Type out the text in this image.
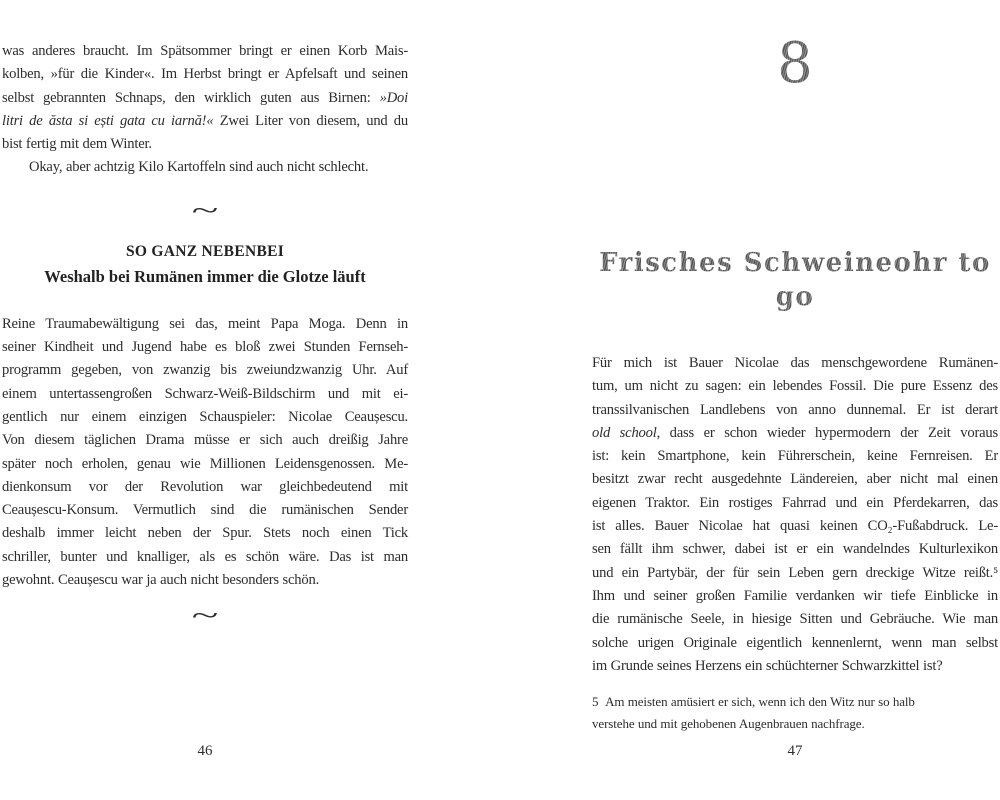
was anderes braucht. Im Spätsommer bringt er einen Korb Mais-
kolben, »für die Kinder«. Im Herbst bringt er Apfelsaft und seinen
selbst gebrannten Schnaps, den wirklich guten aus Birnen: »Doi
litri de ăsta si ești gata cu iarnă!« Zwei Liter von diesem, und du
bist fertig mit dem Winter.
Okay, aber achtzig Kilo Kartoffeln sind auch nicht schlecht.
~
SO GANZ NEBENBEI
Weshalb bei Rumänen immer die Glotze läuft
Reine Traumabewältigung sei das, meint Papa Moga. Denn in
seiner Kindheit und Jugend habe es bloß zwei Stunden Fernseh-
programm gegeben, von zwanzig bis zweiundzwanzig Uhr. Auf
einem untertassengroßen Schwarz-Weiß-Bildschirm und mit ei-
gentlich nur einem einzigen Schauspieler: Nicolae Ceaușescu.
Von diesem täglichen Drama müsse er sich auch dreißig Jahre
später noch erholen, genau wie Millionen Leidensgenossen. Me-
dienkonsum vor der Revolution war gleichbedeutend mit
Ceaușescu-Konsum. Vermutlich sind die rumänischen Sender
deshalb immer leicht neben der Spur. Stets noch einen Tick
schriller, bunter und knalliger, als es schön wäre. Das ist man
gewohnt. Ceaușescu war ja auch nicht besonders schön.
~
46
8
Frisches Schweineohr to go
Für mich ist Bauer Nicolae das menschgewordene Rumänen-
tum, um nicht zu sagen: ein lebendes Fossil. Die pure Essenz des
transsilvanischen Landlebens von anno dunnemal. Er ist derart
old school, dass er schon wieder hypermodern der Zeit voraus
ist: kein Smartphone, kein Führerschein, keine Fernreisen. Er
besitzt zwar recht ausgedehnte Ländereien, aber nicht mal einen
eigenen Traktor. Ein rostiges Fahrrad und ein Pferdekarren, das
ist alles. Bauer Nicolae hat quasi keinen CO₂-Fußabdruck. Le-
sen fällt ihm schwer, dabei ist er ein wandelndes Kulturlexikon
und ein Partybär, der für sein Leben gern dreckige Witze reißt.⁵
Ihm und seiner großen Familie verdanken wir tiefe Einblicke in
die rumänische Seele, in hiesige Sitten und Gebräuche. Wie man
solche urigen Originale eigentlich kennenlernt, wenn man selbst
im Grunde seines Herzens ein schüchterner Schwarzkittel ist?
5  Am meisten amüsiert er sich, wenn ich den Witz nur so halb
verstehe und mit gehobenen Augenbrauen nachfrage.
47
